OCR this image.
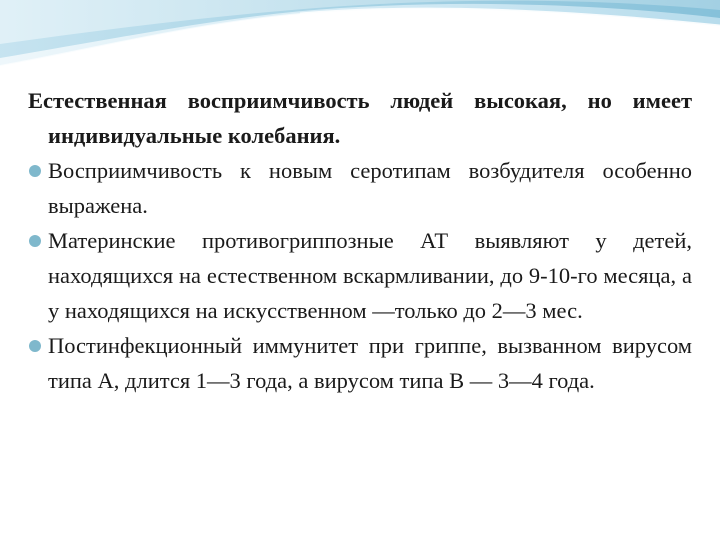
Естественная восприимчивость людей высокая, но имеет индивидуальные колебания.

Восприимчивость к новым серотипам возбудителя особенно выражена.

Материнские противогриппозные АТ выявляют у детей, находящихся на естественном вскармливании, до 9-10-го месяца, а у находящихся на искусственном —только до 2—3 мес.

Постинфекционный иммунитет при гриппе, вызванном вирусом типа А, длится 1—3 года, а вирусом типа В — 3—4 года.
